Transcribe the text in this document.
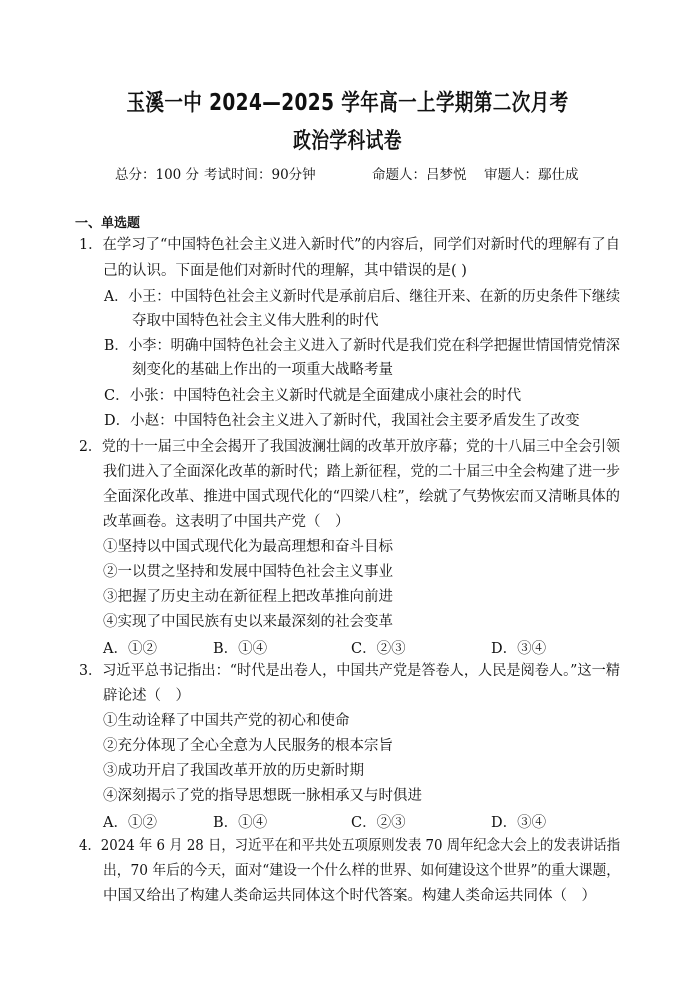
玉溪一中 2024—2025 学年高一上学期第二次月考
政治学科试卷
总分：100 分 考试时间：90分钟	命题人：吕梦悦 审题人：鄢仕成
一、单选题
1．在学习了“中国特色社会主义进入新时代”的内容后，同学们对新时代的理解有了自
己的认识。下面是他们对新时代的理解，其中错误的是( )
A．小王：中国特色社会主义新时代是承前启后、继往开来、在新的历史条件下继续
夺取中国特色社会主义伟大胜利的时代
B．小李：明确中国特色社会主义进入了新时代是我们党在科学把握世情国情党情深
刻变化的基础上作出的一项重大战略考量
C．小张：中国特色社会主义新时代就是全面建成小康社会的时代
D．小赵：中国特色社会主义进入了新时代，我国社会主要矛盾发生了改变
2．党的十一届三中全会揭开了我国波澜壮阔的改革开放序幕；党的十八届三中全会引领
我们进入了全面深化改革的新时代；踏上新征程，党的二十届三中全会构建了进一步
全面深化改革、推进中国式现代化的“四梁八柱”，绘就了气势恢宏而又清晰具体的
改革画卷。这表明了中国共产党（　）
①坚持以中国式现代化为最高理想和奋斗目标
②一以贯之坚持和发展中国特色社会主义事业
③把握了历史主动在新征程上把改革推向前进
④实现了中国民族有史以来最深刻的社会变革
A．①②	B．①④	C．②③	D．③④
3．习近平总书记指出：“时代是出卷人，中国共产党是答卷人，人民是阅卷人。”这一精
辟论述（　）
①生动诠释了中国共产党的初心和使命
②充分体现了全心全意为人民服务的根本宗旨
③成功开启了我国改革开放的历史新时期
④深刻揭示了党的指导思想既一脉相承又与时俱进
A．①②	B．①④	C．②③	D．③④
4．2024 年 6 月 28 日，习近平在和平共处五项原则发表 70 周年纪念大会上的发表讲话指
出，70 年后的今天，面对“建设一个什么样的世界、如何建设这个世界”的重大课题，
中国又给出了构建人类命运共同体这个时代答案。构建人类命运共同体（　）
